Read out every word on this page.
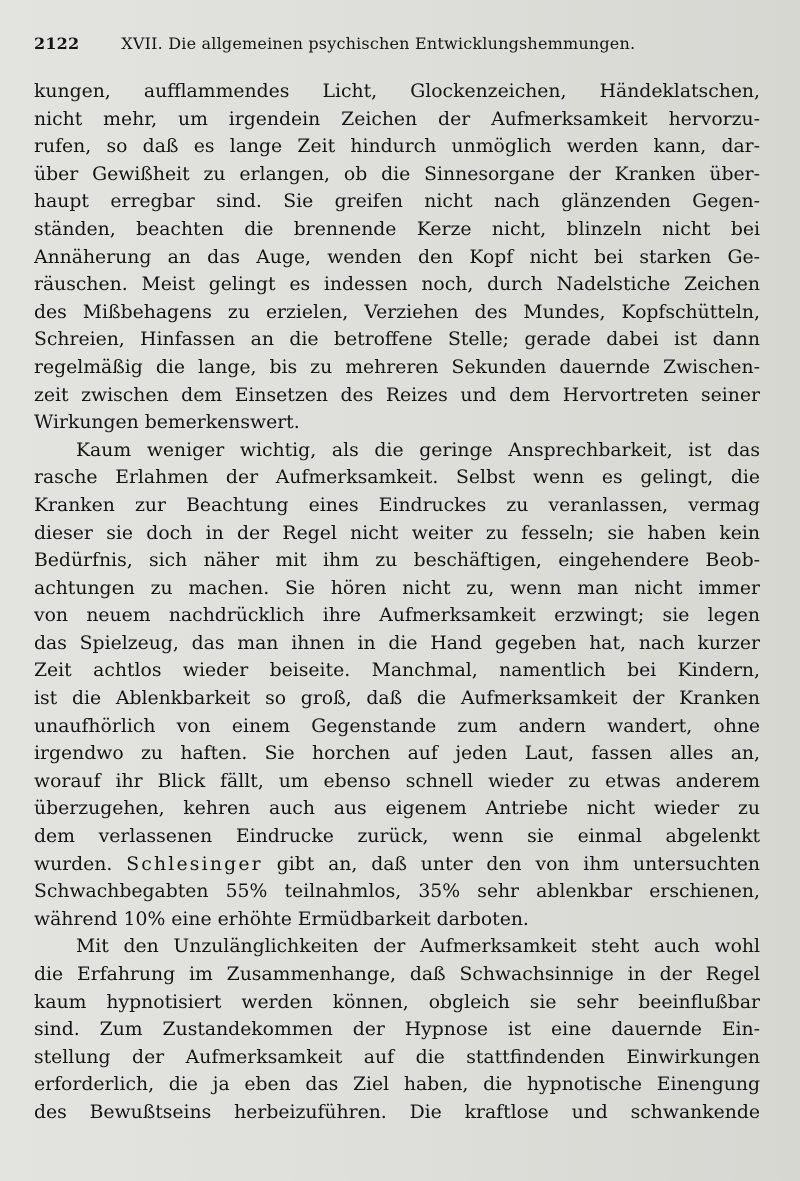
2122	XVII. Die allgemeinen psychischen Entwicklungshemmungen.
kungen, aufflammendes Licht, Glockenzeichen, Händeklatschen,
nicht mehr, um irgendein Zeichen der Aufmerksamkeit hervorzu-
rufen, so daß es lange Zeit hindurch unmöglich werden kann, dar-
über Gewißheit zu erlangen, ob die Sinnesorgane der Kranken über-
haupt erregbar sind. Sie greifen nicht nach glänzenden Gegen-
ständen, beachten die brennende Kerze nicht, blinzeln nicht bei
Annäherung an das Auge, wenden den Kopf nicht bei starken Ge-
räuschen. Meist gelingt es indessen noch, durch Nadelstiche Zeichen
des Mißbehagens zu erzielen, Verziehen des Mundes, Kopfschütteln,
Schreien, Hinfassen an die betroffene Stelle; gerade dabei ist dann
regelmäßig die lange, bis zu mehreren Sekunden dauernde Zwischen-
zeit zwischen dem Einsetzen des Reizes und dem Hervortreten seiner
Wirkungen bemerkenswert.
Kaum weniger wichtig, als die geringe Ansprechbarkeit, ist das
rasche Erlahmen der Aufmerksamkeit. Selbst wenn es gelingt, die
Kranken zur Beachtung eines Eindruckes zu veranlassen, vermag
dieser sie doch in der Regel nicht weiter zu fesseln; sie haben kein
Bedürfnis, sich näher mit ihm zu beschäftigen, eingehendere Beob-
achtungen zu machen. Sie hören nicht zu, wenn man nicht immer
von neuem nachdrücklich ihre Aufmerksamkeit erzwingt; sie legen
das Spielzeug, das man ihnen in die Hand gegeben hat, nach kurzer
Zeit achtlos wieder beiseite. Manchmal, namentlich bei Kindern,
ist die Ablenkbarkeit so groß, daß die Aufmerksamkeit der Kranken
unaufhörlich von einem Gegenstande zum andern wandert, ohne
irgendwo zu haften. Sie horchen auf jeden Laut, fassen alles an,
worauf ihr Blick fällt, um ebenso schnell wieder zu etwas anderem
überzugehen, kehren auch aus eigenem Antriebe nicht wieder zu
dem verlassenen Eindrucke zurück, wenn sie einmal abgelenkt
wurden. Schlesinger gibt an, daß unter den von ihm untersuchten
Schwachbegabten 55% teilnahmlos, 35% sehr ablenkbar erschienen,
während 10% eine erhöhte Ermüdbarkeit darboten.
Mit den Unzulänglichkeiten der Aufmerksamkeit steht auch wohl
die Erfahrung im Zusammenhange, daß Schwachsinnige in der Regel
kaum hypnotisiert werden können, obgleich sie sehr beeinflußbar
sind. Zum Zustandekommen der Hypnose ist eine dauernde Ein-
stellung der Aufmerksamkeit auf die stattfindenden Einwirkungen
erforderlich, die ja eben das Ziel haben, die hypnotische Einengung
des Bewußtseins herbeizuführen. Die kraftlose und schwankende
